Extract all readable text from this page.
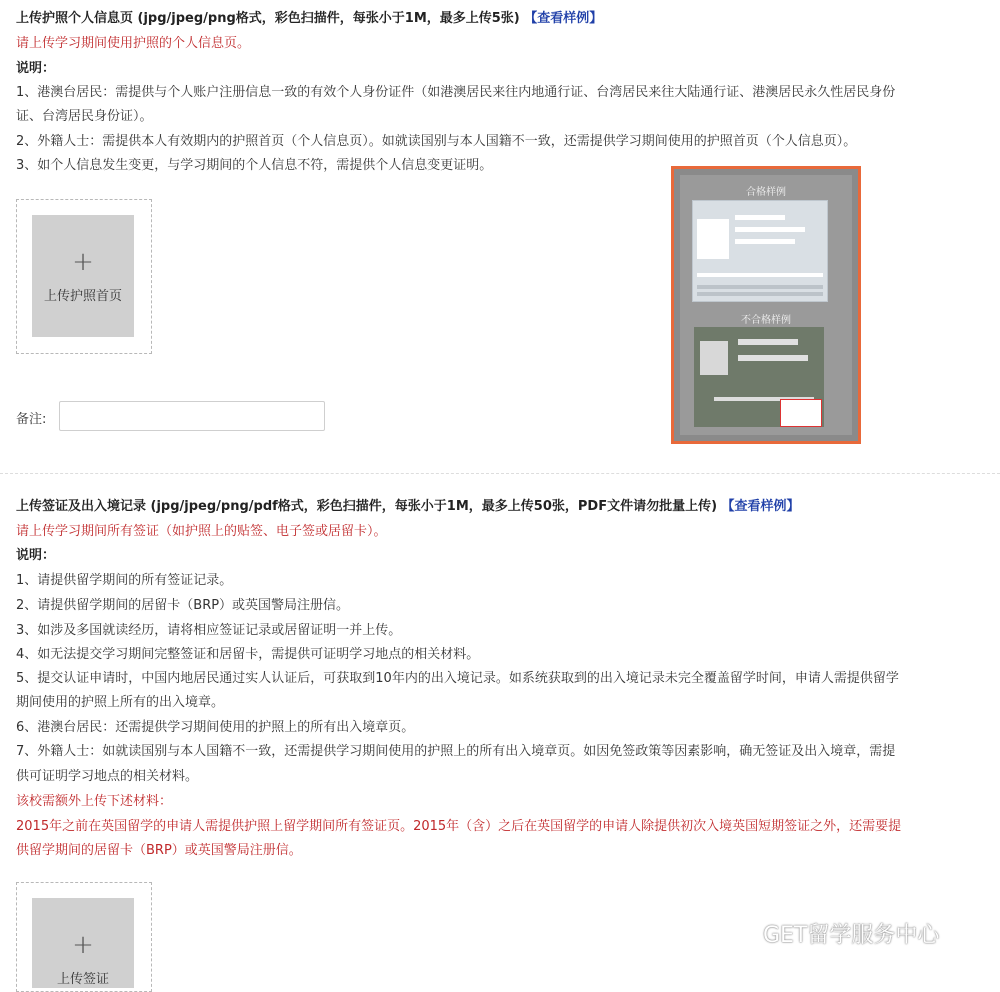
上传护照个人信息页 (jpg/jpeg/png格式，彩色扫描件，每张小于1M，最多上传5张) 【查看样例】
请上传学习期间使用护照的个人信息页。
说明：
1、港澳台居民：需提供与个人账户注册信息一致的有效个人身份证件（如港澳居民来往内地通行证、台湾居民来往大陆通行证、港澳居民永久性居民身份
证、台湾居民身份证）。
2、外籍人士：需提供本人有效期内的护照首页（个人信息页）。如就读国别与本人国籍不一致，还需提供学习期间使用的护照首页（个人信息页）。
3、如个人信息发生变更，与学习期间的个人信息不符，需提供个人信息变更证明。
+
上传护照首页
备注:
合格样例
不合格样例
上传签证及出入境记录 (jpg/jpeg/png/pdf格式，彩色扫描件，每张小于1M，最多上传50张，PDF文件请勿批量上传) 【查看样例】
请上传学习期间所有签证（如护照上的贴签、电子签或居留卡）。
说明：
1、请提供留学期间的所有签证记录。
2、请提供留学期间的居留卡（BRP）或英国警局注册信。
3、如涉及多国就读经历，请将相应签证记录或居留证明一并上传。
4、如无法提交学习期间完整签证和居留卡，需提供可证明学习地点的相关材料。
5、提交认证申请时，中国内地居民通过实人认证后，可获取到10年内的出入境记录。如系统获取到的出入境记录未完全覆盖留学时间，申请人需提供留学
期间使用的护照上所有的出入境章。
6、港澳台居民：还需提供学习期间使用的护照上的所有出入境章页。
7、外籍人士：如就读国别与本人国籍不一致，还需提供学习期间使用的护照上的所有出入境章页。如因免签政策等因素影响，确无签证及出入境章，需提
供可证明学习地点的相关材料。
该校需额外上传下述材料：
2015年之前在英国留学的申请人需提供护照上留学期间所有签证页。2015年（含）之后在英国留学的申请人除提供初次入境英国短期签证之外，还需要提
供留学期间的居留卡（BRP）或英国警局注册信。
+
上传签证
GET留学服务中心
